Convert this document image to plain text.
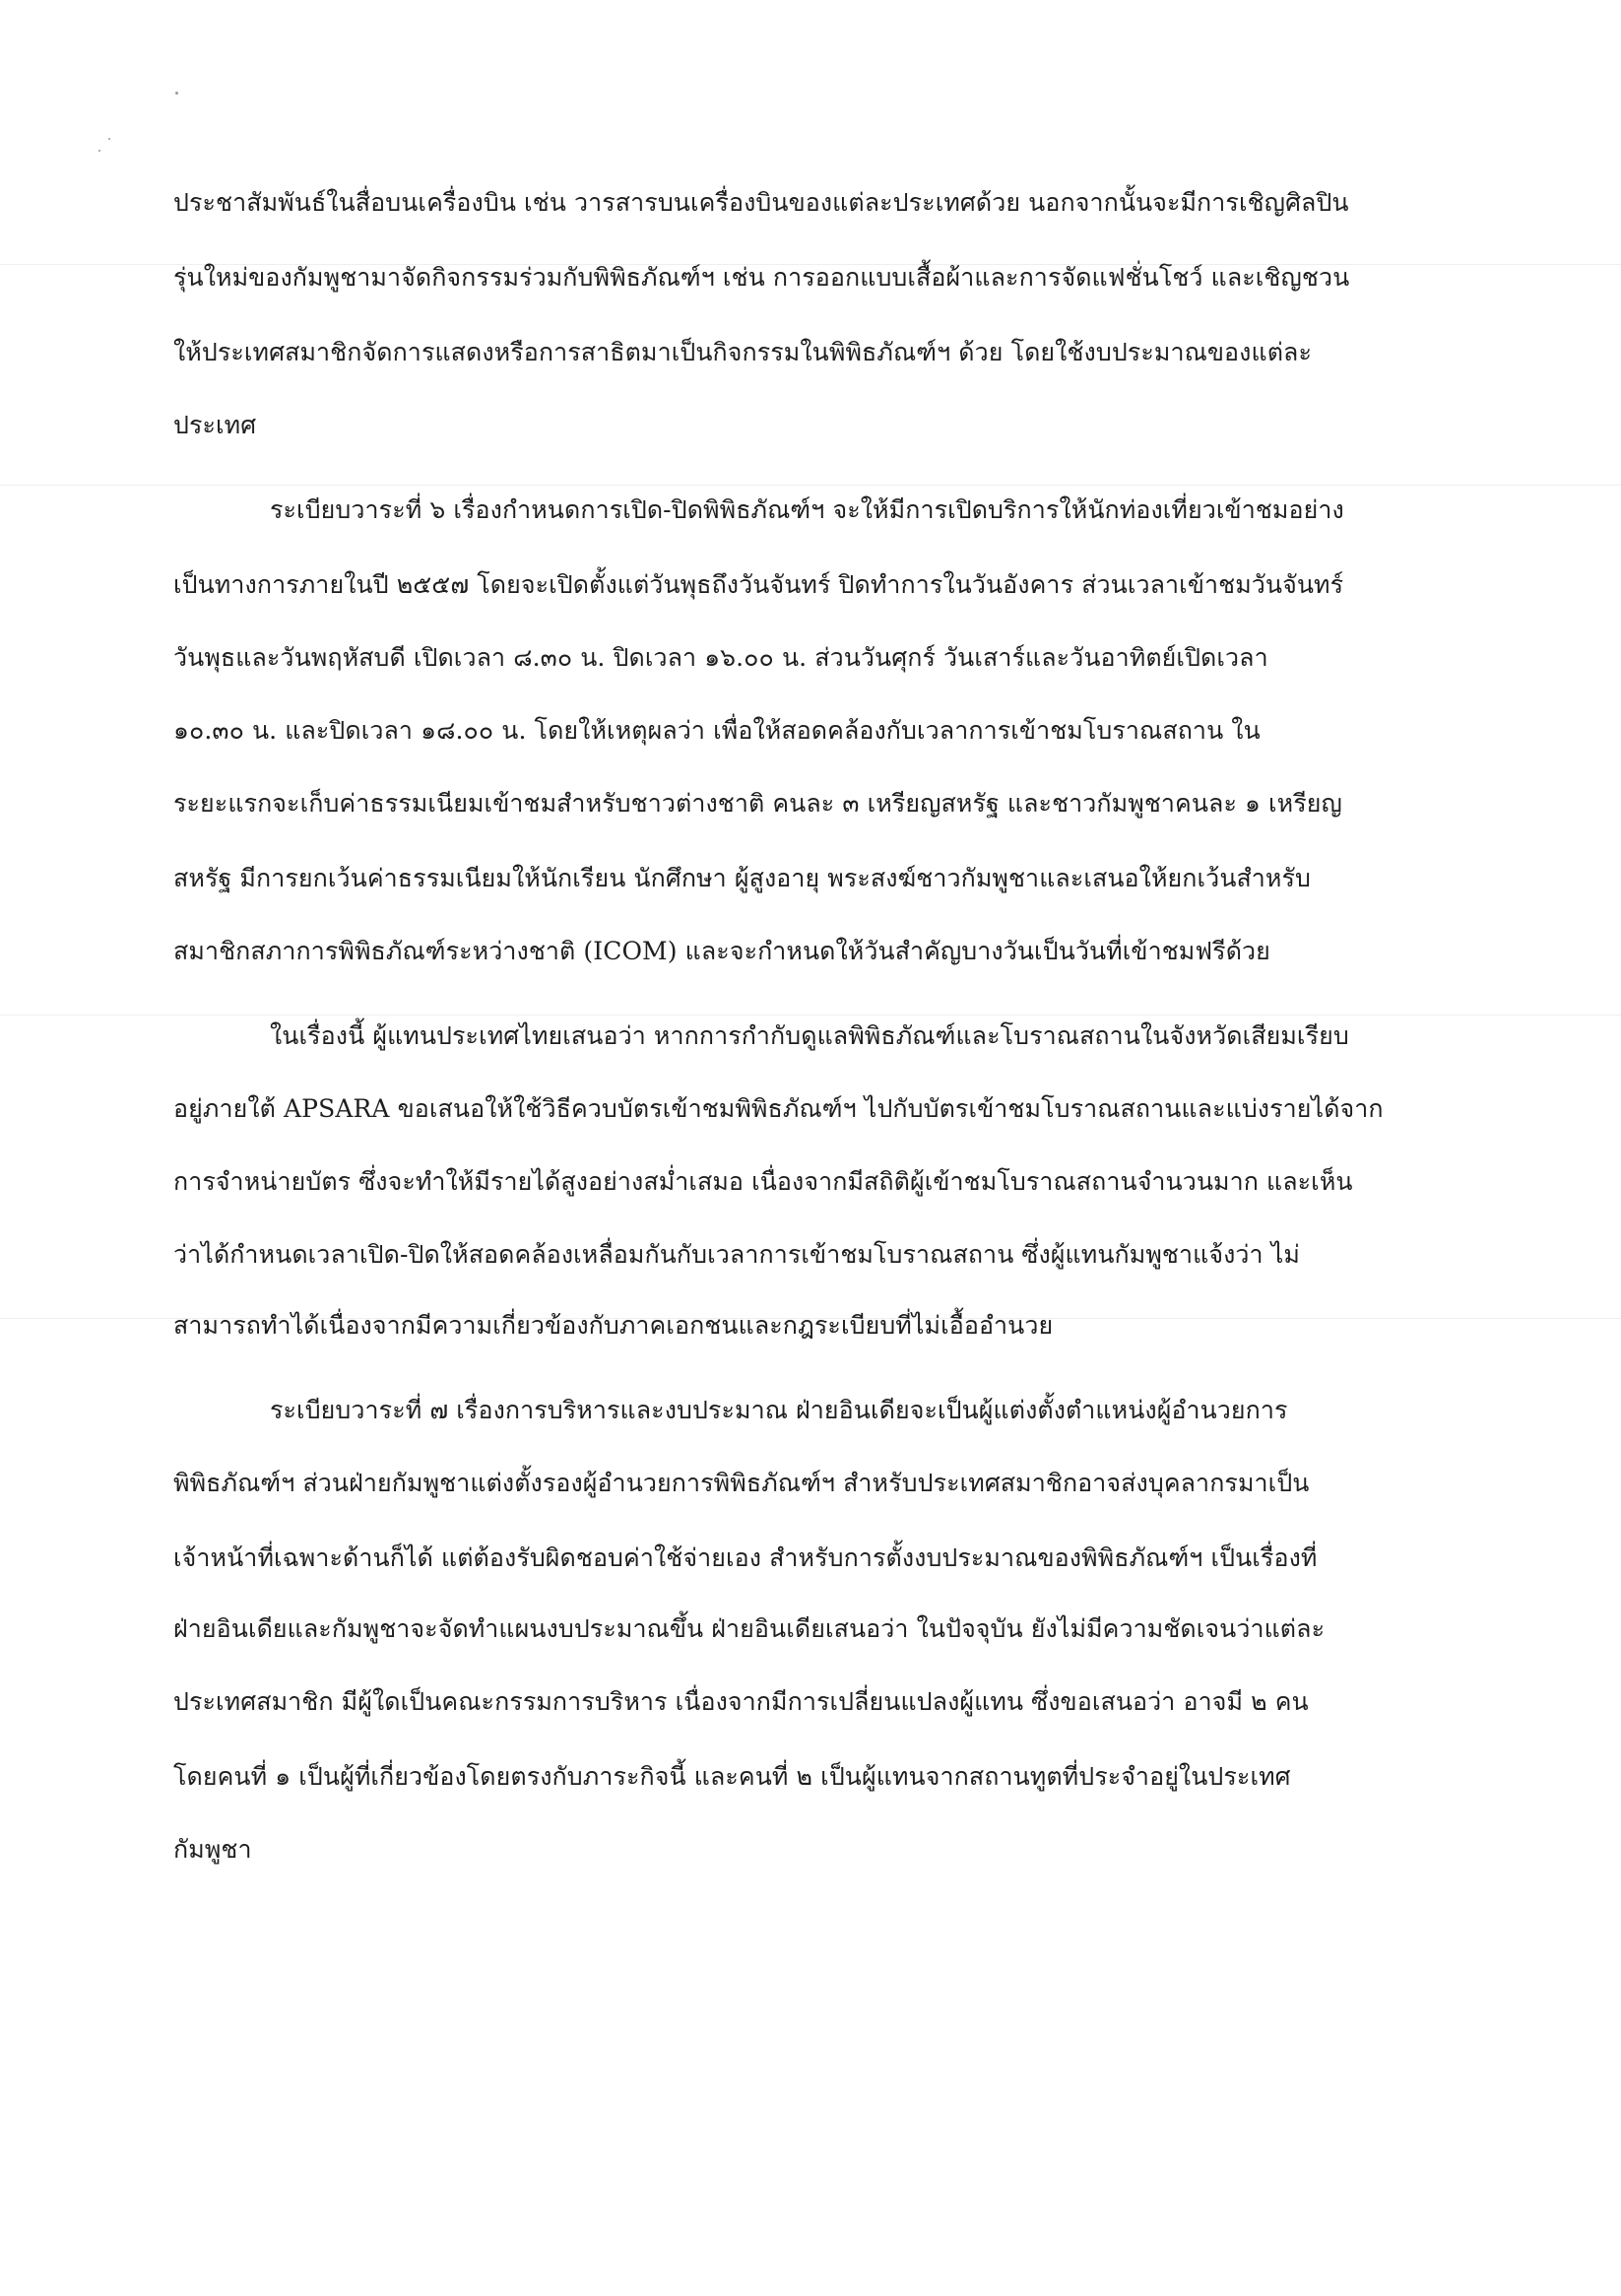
ประชาสัมพันธ์ในสื่อบนเครื่องบิน เช่น วารสารบนเครื่องบินของแต่ละประเทศด้วย นอกจากนั้นจะมีการเชิญศิลปิน
รุ่นใหม่ของกัมพูชามาจัดกิจกรรมร่วมกับพิพิธภัณฑ์ฯ เช่น การออกแบบเสื้อผ้าและการจัดแฟชั่นโชว์ และเชิญชวน
ให้ประเทศสมาชิกจัดการแสดงหรือการสาธิตมาเป็นกิจกรรมในพิพิธภัณฑ์ฯ ด้วย โดยใช้งบประมาณของแต่ละ
ประเทศ
ระเบียบวาระที่ ๖ เรื่องกำหนดการเปิด-ปิดพิพิธภัณฑ์ฯ จะให้มีการเปิดบริการให้นักท่องเที่ยวเข้าชมอย่าง
เป็นทางการภายในปี ๒๕๕๗ โดยจะเปิดตั้งแต่วันพุธถึงวันจันทร์ ปิดทำการในวันอังคาร ส่วนเวลาเข้าชมวันจันทร์
วันพุธและวันพฤหัสบดี เปิดเวลา ๘.๓๐ น. ปิดเวลา ๑๖.๐๐ น. ส่วนวันศุกร์ วันเสาร์และวันอาทิตย์เปิดเวลา
๑๐.๓๐ น. และปิดเวลา ๑๘.๐๐ น. โดยให้เหตุผลว่า เพื่อให้สอดคล้องกับเวลาการเข้าชมโบราณสถาน ใน
ระยะแรกจะเก็บค่าธรรมเนียมเข้าชมสำหรับชาวต่างชาติ คนละ ๓ เหรียญสหรัฐ และชาวกัมพูชาคนละ ๑ เหรียญ
สหรัฐ มีการยกเว้นค่าธรรมเนียมให้นักเรียน นักศึกษา ผู้สูงอายุ พระสงฆ์ชาวกัมพูชาและเสนอให้ยกเว้นสำหรับ
สมาชิกสภาการพิพิธภัณฑ์ระหว่างชาติ (ICOM) และจะกำหนดให้วันสำคัญบางวันเป็นวันที่เข้าชมฟรีด้วย
ในเรื่องนี้ ผู้แทนประเทศไทยเสนอว่า หากการกำกับดูแลพิพิธภัณฑ์และโบราณสถานในจังหวัดเสียมเรียบ
อยู่ภายใต้ APSARA ขอเสนอให้ใช้วิธีควบบัตรเข้าชมพิพิธภัณฑ์ฯ ไปกับบัตรเข้าชมโบราณสถานและแบ่งรายได้จาก
การจำหน่ายบัตร ซึ่งจะทำให้มีรายได้สูงอย่างสม่ำเสมอ เนื่องจากมีสถิติผู้เข้าชมโบราณสถานจำนวนมาก และเห็น
ว่าได้กำหนดเวลาเปิด-ปิดให้สอดคล้องเหลื่อมกันกับเวลาการเข้าชมโบราณสถาน ซึ่งผู้แทนกัมพูชาแจ้งว่า ไม่
สามารถทำได้เนื่องจากมีความเกี่ยวข้องกับภาคเอกชนและกฎระเบียบที่ไม่เอื้ออำนวย
ระเบียบวาระที่ ๗ เรื่องการบริหารและงบประมาณ ฝ่ายอินเดียจะเป็นผู้แต่งตั้งตำแหน่งผู้อำนวยการ
พิพิธภัณฑ์ฯ ส่วนฝ่ายกัมพูชาแต่งตั้งรองผู้อำนวยการพิพิธภัณฑ์ฯ สำหรับประเทศสมาชิกอาจส่งบุคลากรมาเป็น
เจ้าหน้าที่เฉพาะด้านก็ได้ แต่ต้องรับผิดชอบค่าใช้จ่ายเอง สำหรับการตั้งงบประมาณของพิพิธภัณฑ์ฯ เป็นเรื่องที่
ฝ่ายอินเดียและกัมพูชาจะจัดทำแผนงบประมาณขึ้น ฝ่ายอินเดียเสนอว่า ในปัจจุบัน ยังไม่มีความชัดเจนว่าแต่ละ
ประเทศสมาชิก มีผู้ใดเป็นคณะกรรมการบริหาร เนื่องจากมีการเปลี่ยนแปลงผู้แทน ซึ่งขอเสนอว่า อาจมี ๒ คน
โดยคนที่ ๑ เป็นผู้ที่เกี่ยวข้องโดยตรงกับภาระกิจนี้ และคนที่ ๒ เป็นผู้แทนจากสถานทูตที่ประจำอยู่ในประเทศ
กัมพูชา
